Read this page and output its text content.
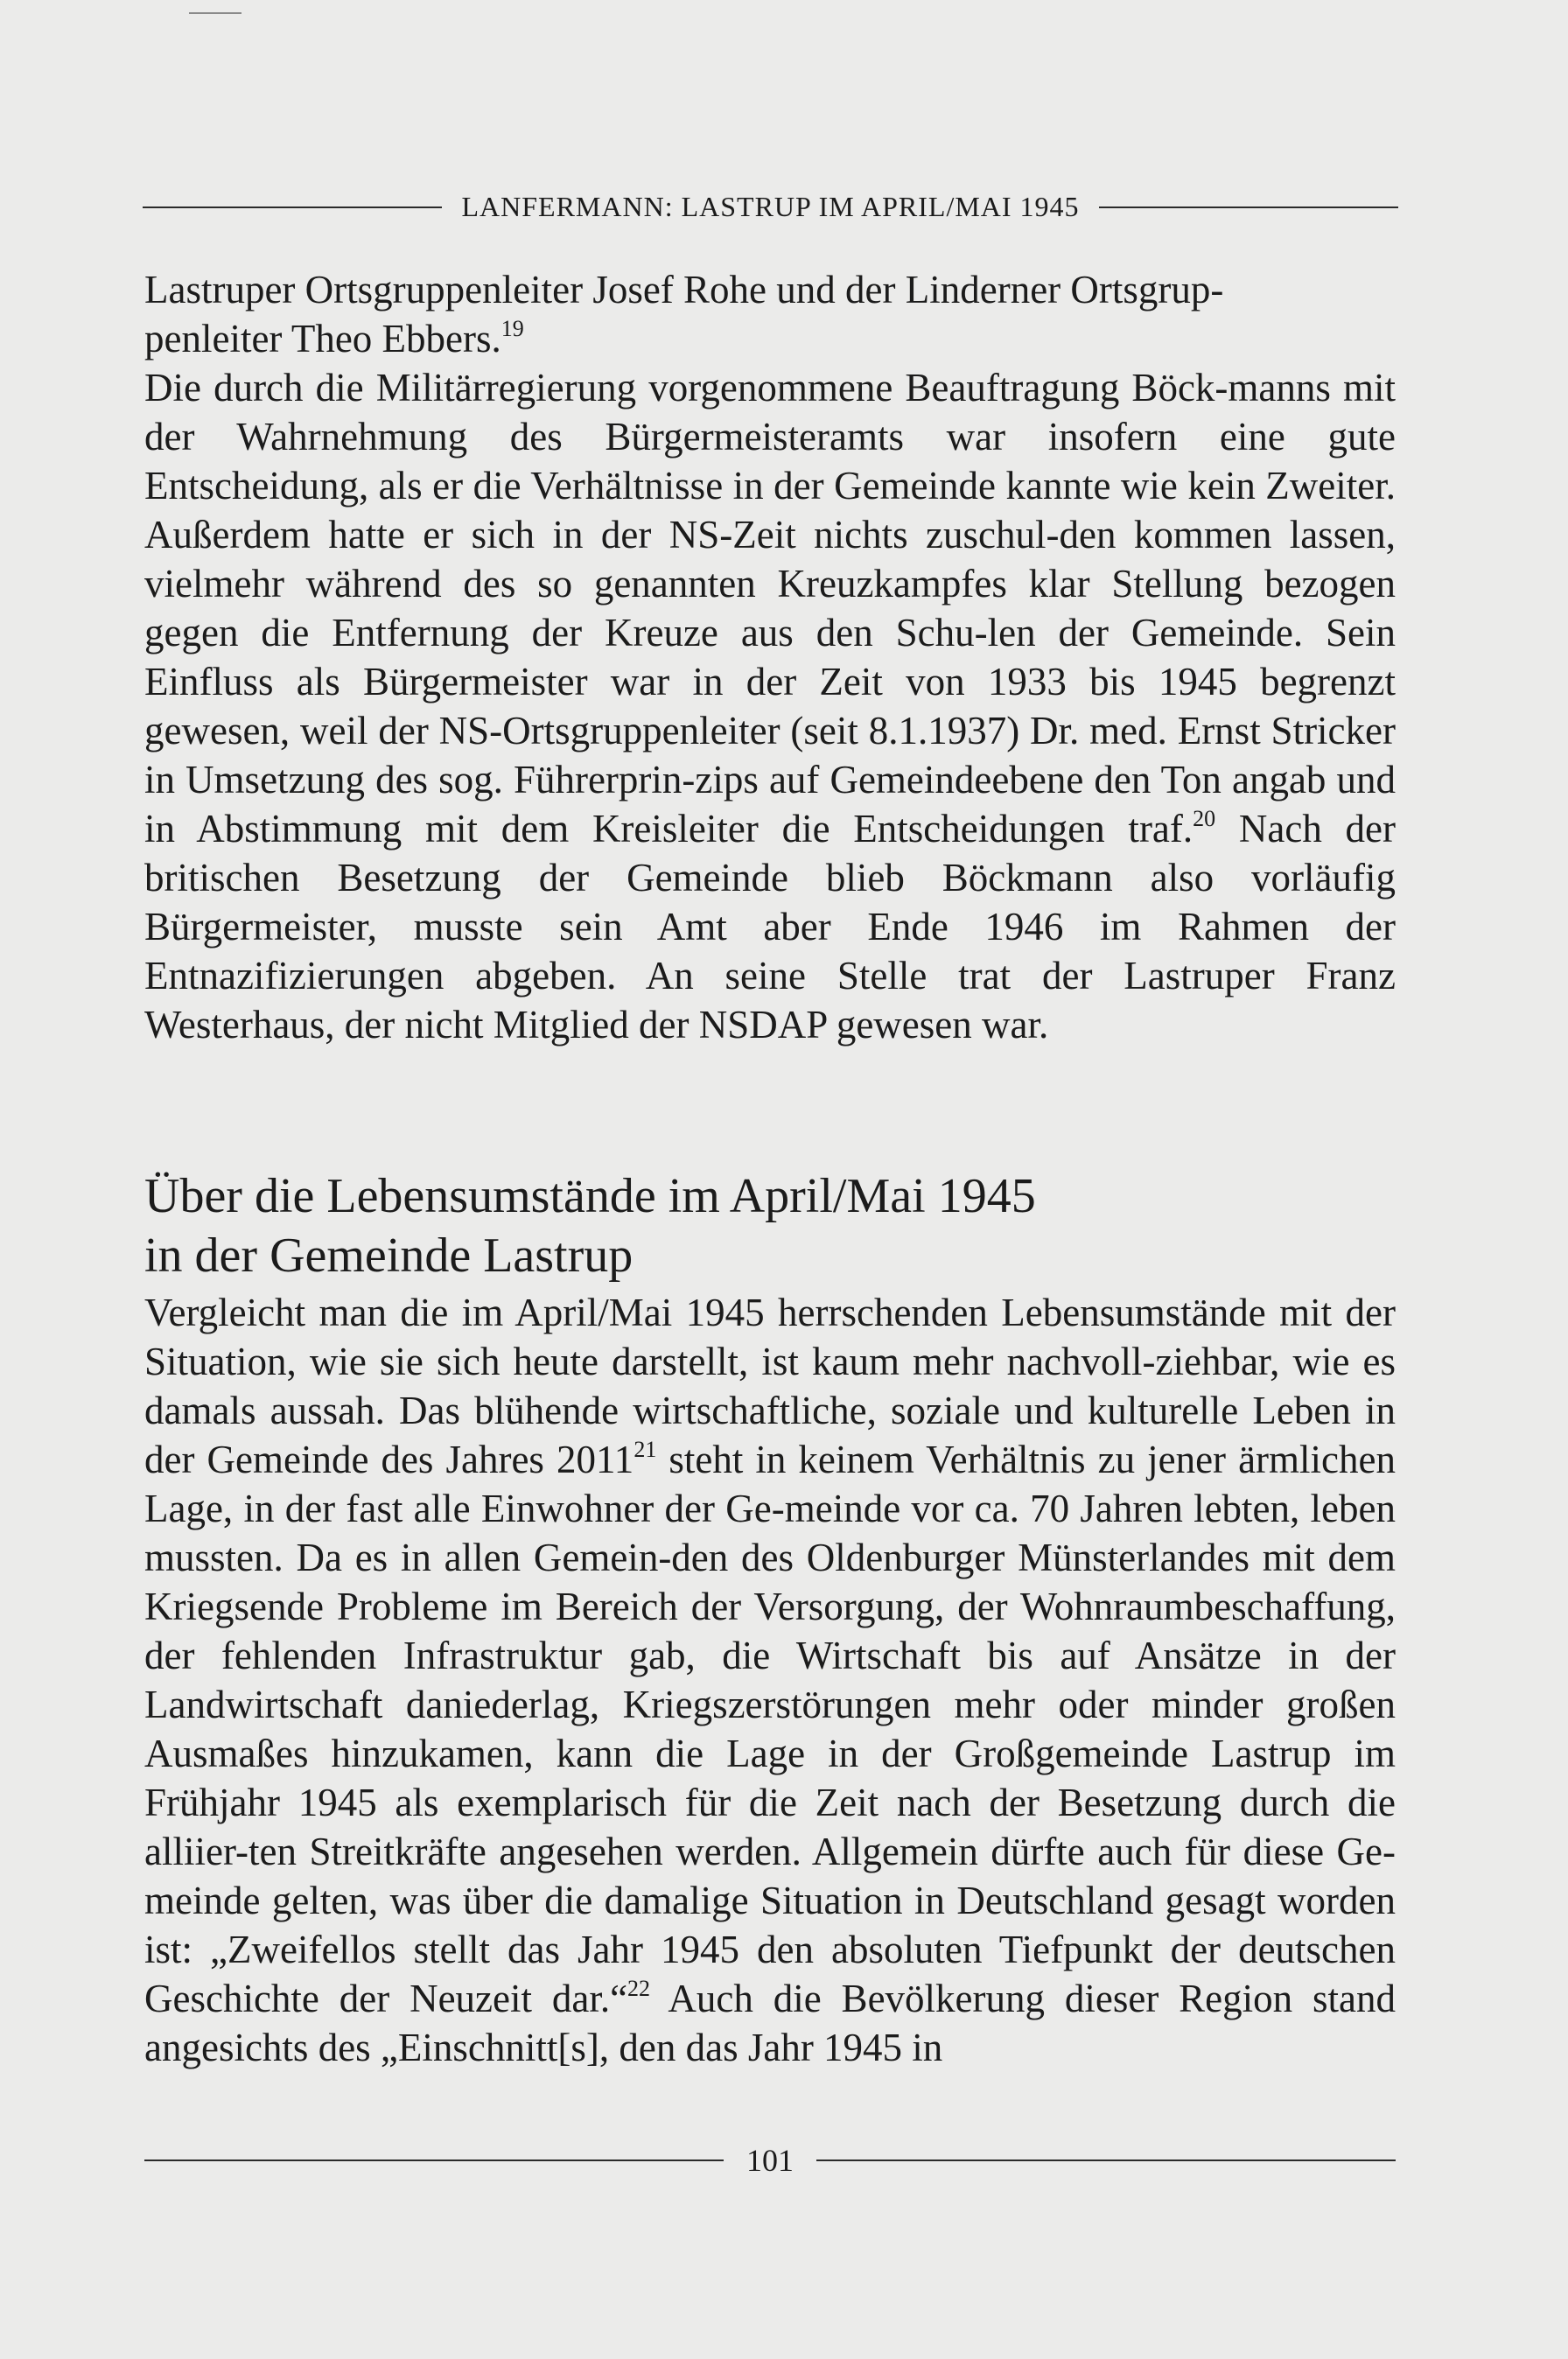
LANFERMANN: LASTRUP IM APRIL/MAI 1945

Lastruper Ortsgruppenleiter Josef Rohe und der Linderner Ortsgrup-
penleiter Theo Ebbers.$^{19}$

Die durch die Militärregierung vorgenommene Beauftragung Böck-manns mit der Wahrnehmung des Bürgermeisteramts war insofern eine gute Entscheidung, als er die Verhältnisse in der Gemeinde kannte wie kein Zweiter. Außerdem hatte er sich in der NS-Zeit nichts zuschul-den kommen lassen, vielmehr während des so genannten Kreuzkampfes klar Stellung bezogen gegen die Entfernung der Kreuze aus den Schu-len der Gemeinde. Sein Einfluss als Bürgermeister war in der Zeit von 1933 bis 1945 begrenzt gewesen, weil der NS-Ortsgruppenleiter (seit 8.1.1937) Dr. med. Ernst Stricker in Umsetzung des sog. Führerprin-zips auf Gemeindeebene den Ton angab und in Abstimmung mit dem Kreisleiter die Entscheidungen traf.$^{20}$ Nach der britischen Besetzung der Gemeinde blieb Böckmann also vorläufig Bürgermeister, musste sein Amt aber Ende 1946 im Rahmen der Entnazifizierungen abgeben. An seine Stelle trat der Lastruper Franz Westerhaus, der nicht Mitglied der NSDAP gewesen war.

Über die Lebensumstände im April/Mai 1945
in der Gemeinde Lastrup

Vergleicht man die im April/Mai 1945 herrschenden Lebensumstände mit der Situation, wie sie sich heute darstellt, ist kaum mehr nachvoll-ziehbar, wie es damals aussah. Das blühende wirtschaftliche, soziale und kulturelle Leben in der Gemeinde des Jahres 2011$^{21}$ steht in keinem Verhältnis zu jener ärmlichen Lage, in der fast alle Einwohner der Ge-meinde vor ca. 70 Jahren lebten, leben mussten. Da es in allen Gemein-den des Oldenburger Münsterlandes mit dem Kriegsende Probleme im Bereich der Versorgung, der Wohnraumbeschaffung, der fehlenden Infrastruktur gab, die Wirtschaft bis auf Ansätze in der Landwirtschaft daniederlag, Kriegszerstörungen mehr oder minder großen Ausmaßes hinzukamen, kann die Lage in der Großgemeinde Lastrup im Frühjahr 1945 als exemplarisch für die Zeit nach der Besetzung durch die alliier-ten Streitkräfte angesehen werden. Allgemein dürfte auch für diese Ge-meinde gelten, was über die damalige Situation in Deutschland gesagt worden ist: „Zweifellos stellt das Jahr 1945 den absoluten Tiefpunkt der deutschen Geschichte der Neuzeit dar.“$^{22}$ Auch die Bevölkerung dieser Region stand angesichts des „Einschnitt[s], den das Jahr 1945 in

101
